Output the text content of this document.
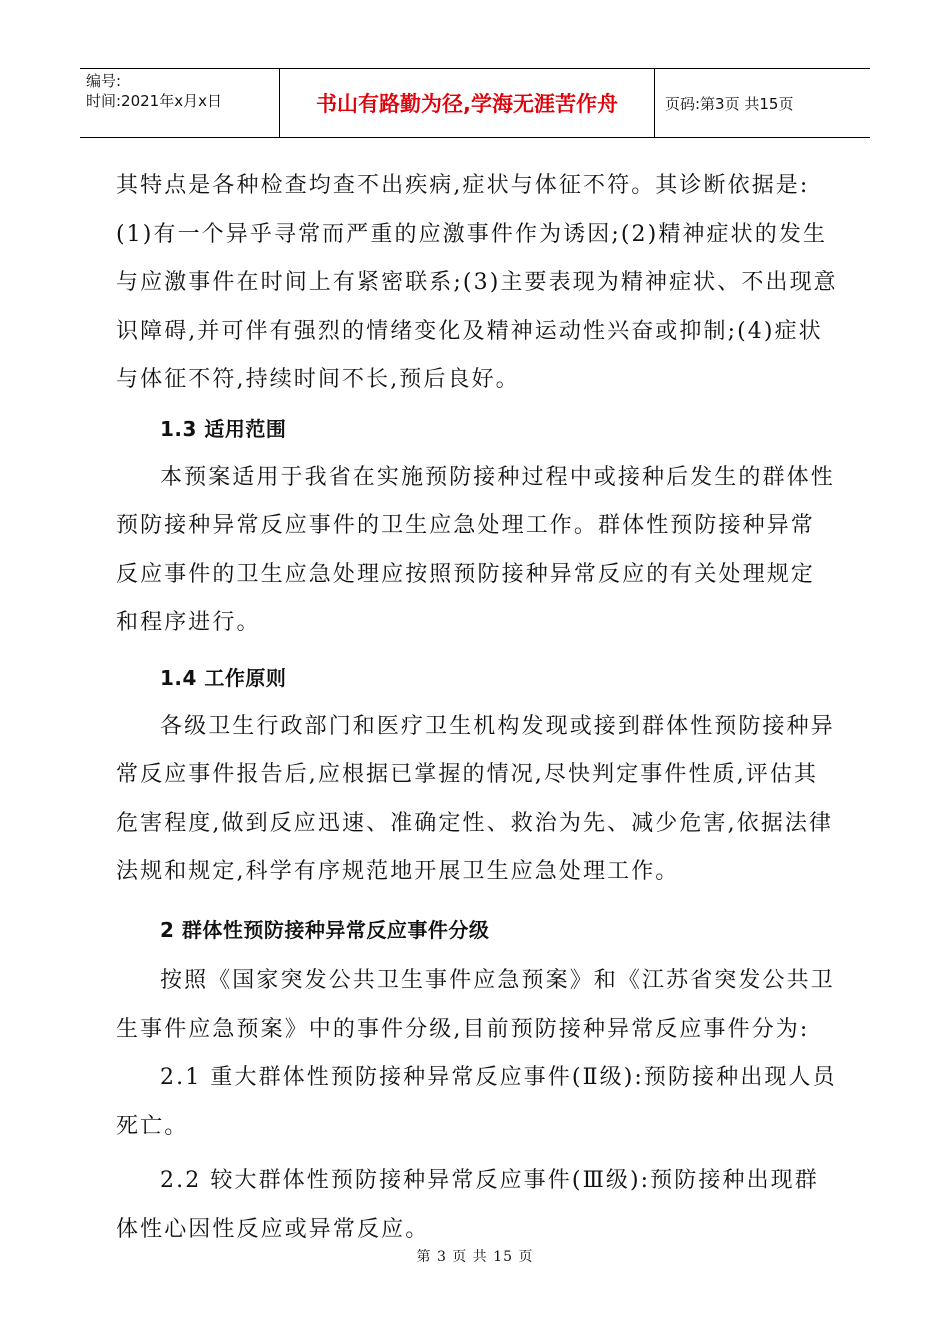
编号:
时间:2021年x月x日	书山有路勤为径,学海无涯苦作舟	页码:第3页 共15页

其特点是各种检查均查不出疾病,症状与体征不符。其诊断依据是:(1)有一个异乎寻常而严重的应激事件作为诱因;(2)精神症状的发生与应激事件在时间上有紧密联系;(3)主要表现为精神症状、不出现意识障碍,并可伴有强烈的情绪变化及精神运动性兴奋或抑制;(4)症状与体征不符,持续时间不长,预后良好。

1.3 适用范围

本预案适用于我省在实施预防接种过程中或接种后发生的群体性预防接种异常反应事件的卫生应急处理工作。群体性预防接种异常反应事件的卫生应急处理应按照预防接种异常反应的有关处理规定和程序进行。

1.4 工作原则

各级卫生行政部门和医疗卫生机构发现或接到群体性预防接种异常反应事件报告后,应根据已掌握的情况,尽快判定事件性质,评估其危害程度,做到反应迅速、准确定性、救治为先、减少危害,依据法律法规和规定,科学有序规范地开展卫生应急处理工作。

2 群体性预防接种异常反应事件分级

按照《国家突发公共卫生事件应急预案》和《江苏省突发公共卫生事件应急预案》中的事件分级,目前预防接种异常反应事件分为:

2.1 重大群体性预防接种异常反应事件(Ⅱ级):预防接种出现人员死亡。

2.2 较大群体性预防接种异常反应事件(Ⅲ级):预防接种出现群体性心因性反应或异常反应。

第 3 页 共 15 页
